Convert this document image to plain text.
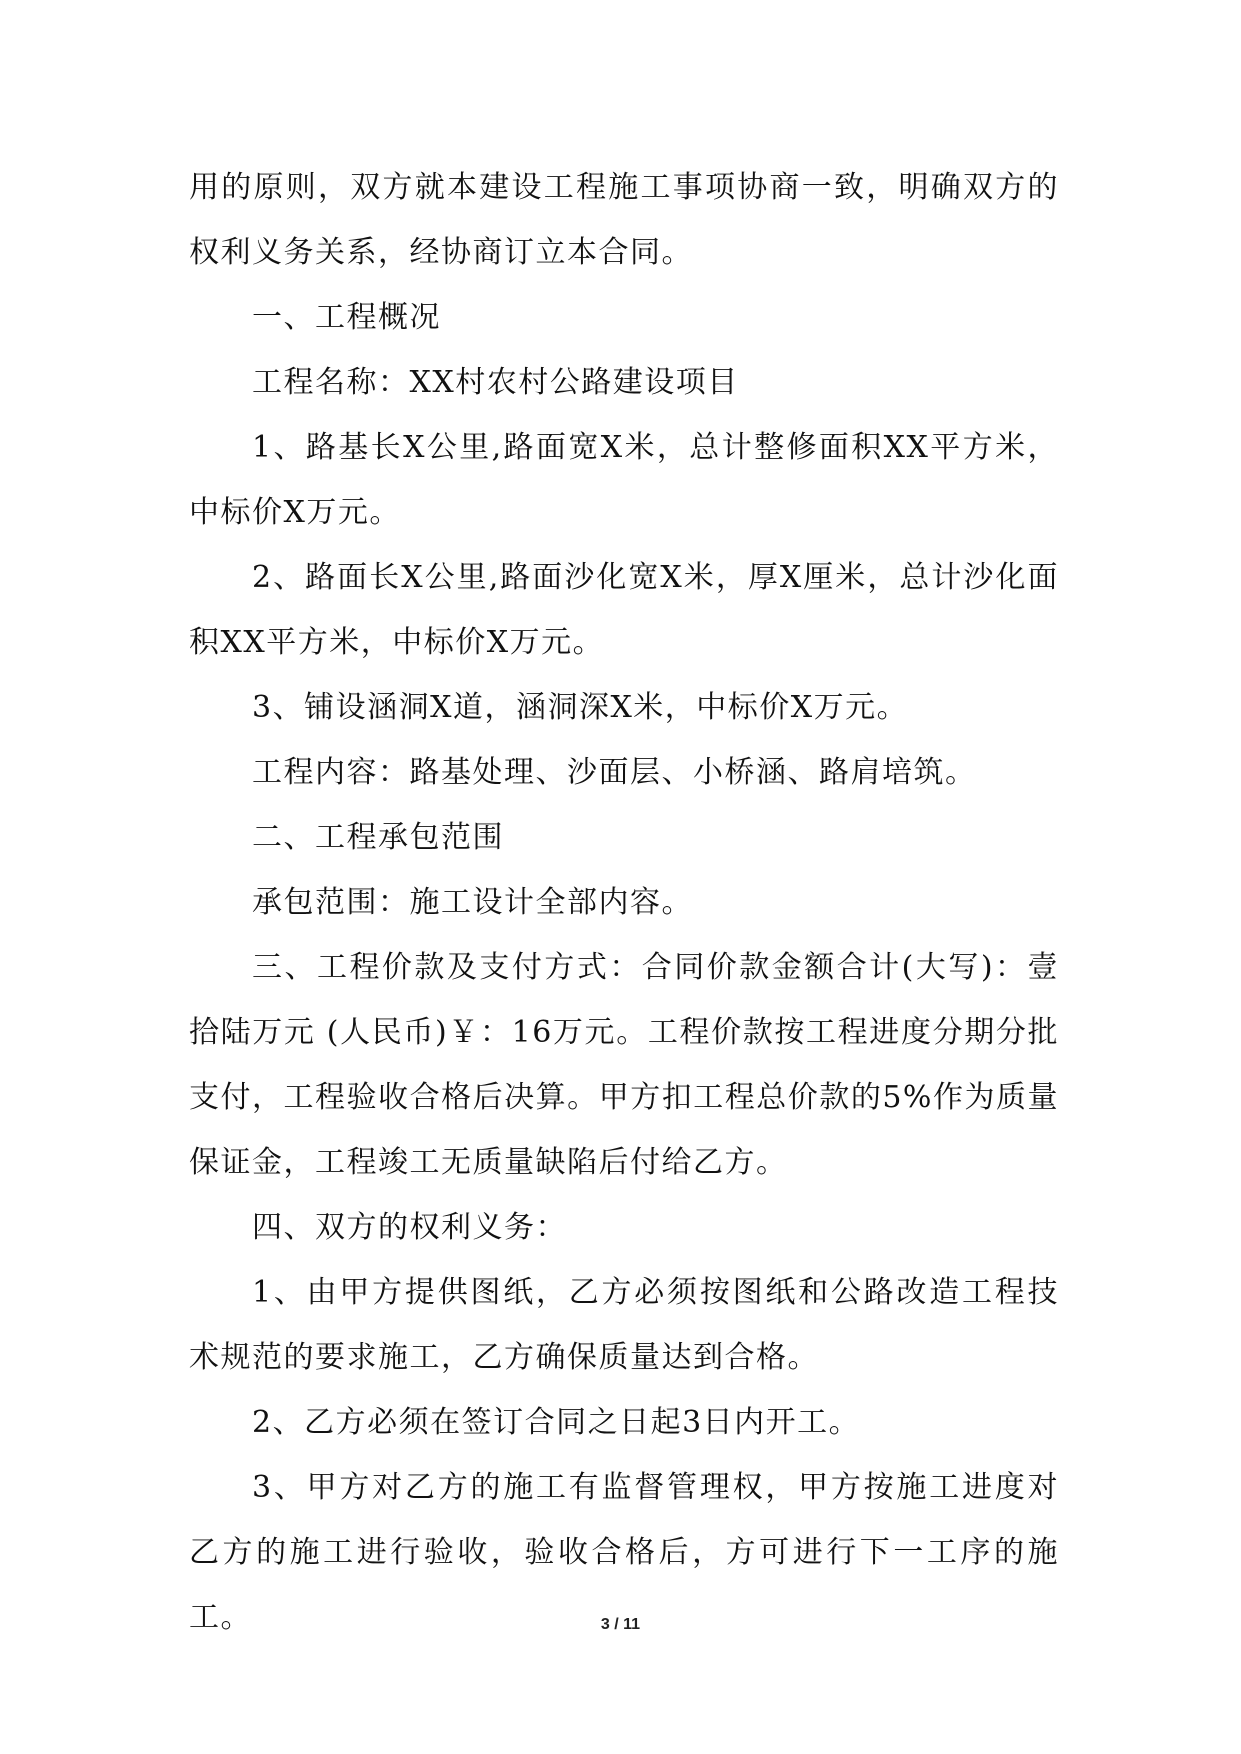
用的原则，双方就本建设工程施工事项协商一致，明确双方的权利义务关系，经协商订立本合同。

一、工程概况

工程名称：XX村农村公路建设项目

1、路基长X公里,路面宽X米，总计整修面积XX平方米，中标价X万元。

2、路面长X公里,路面沙化宽X米，厚X厘米，总计沙化面积XX平方米，中标价X万元。

3、铺设涵洞X道，涵洞深X米，中标价X万元。

工程内容：路基处理、沙面层、小桥涵、路肩培筑。

二、工程承包范围

承包范围：施工设计全部内容。

三、工程价款及支付方式：合同价款金额合计(大写)：壹拾陆万元 (人民币)￥：16万元。工程价款按工程进度分期分批支付，工程验收合格后决算。甲方扣工程总价款的5%作为质量保证金，工程竣工无质量缺陷后付给乙方。

四、双方的权利义务：

1、由甲方提供图纸，乙方必须按图纸和公路改造工程技术规范的要求施工，乙方确保质量达到合格。

2、乙方必须在签订合同之日起3日内开工。

3、甲方对乙方的施工有监督管理权，甲方按施工进度对乙方的施工进行验收，验收合格后，方可进行下一工序的施工。	3 / 11
